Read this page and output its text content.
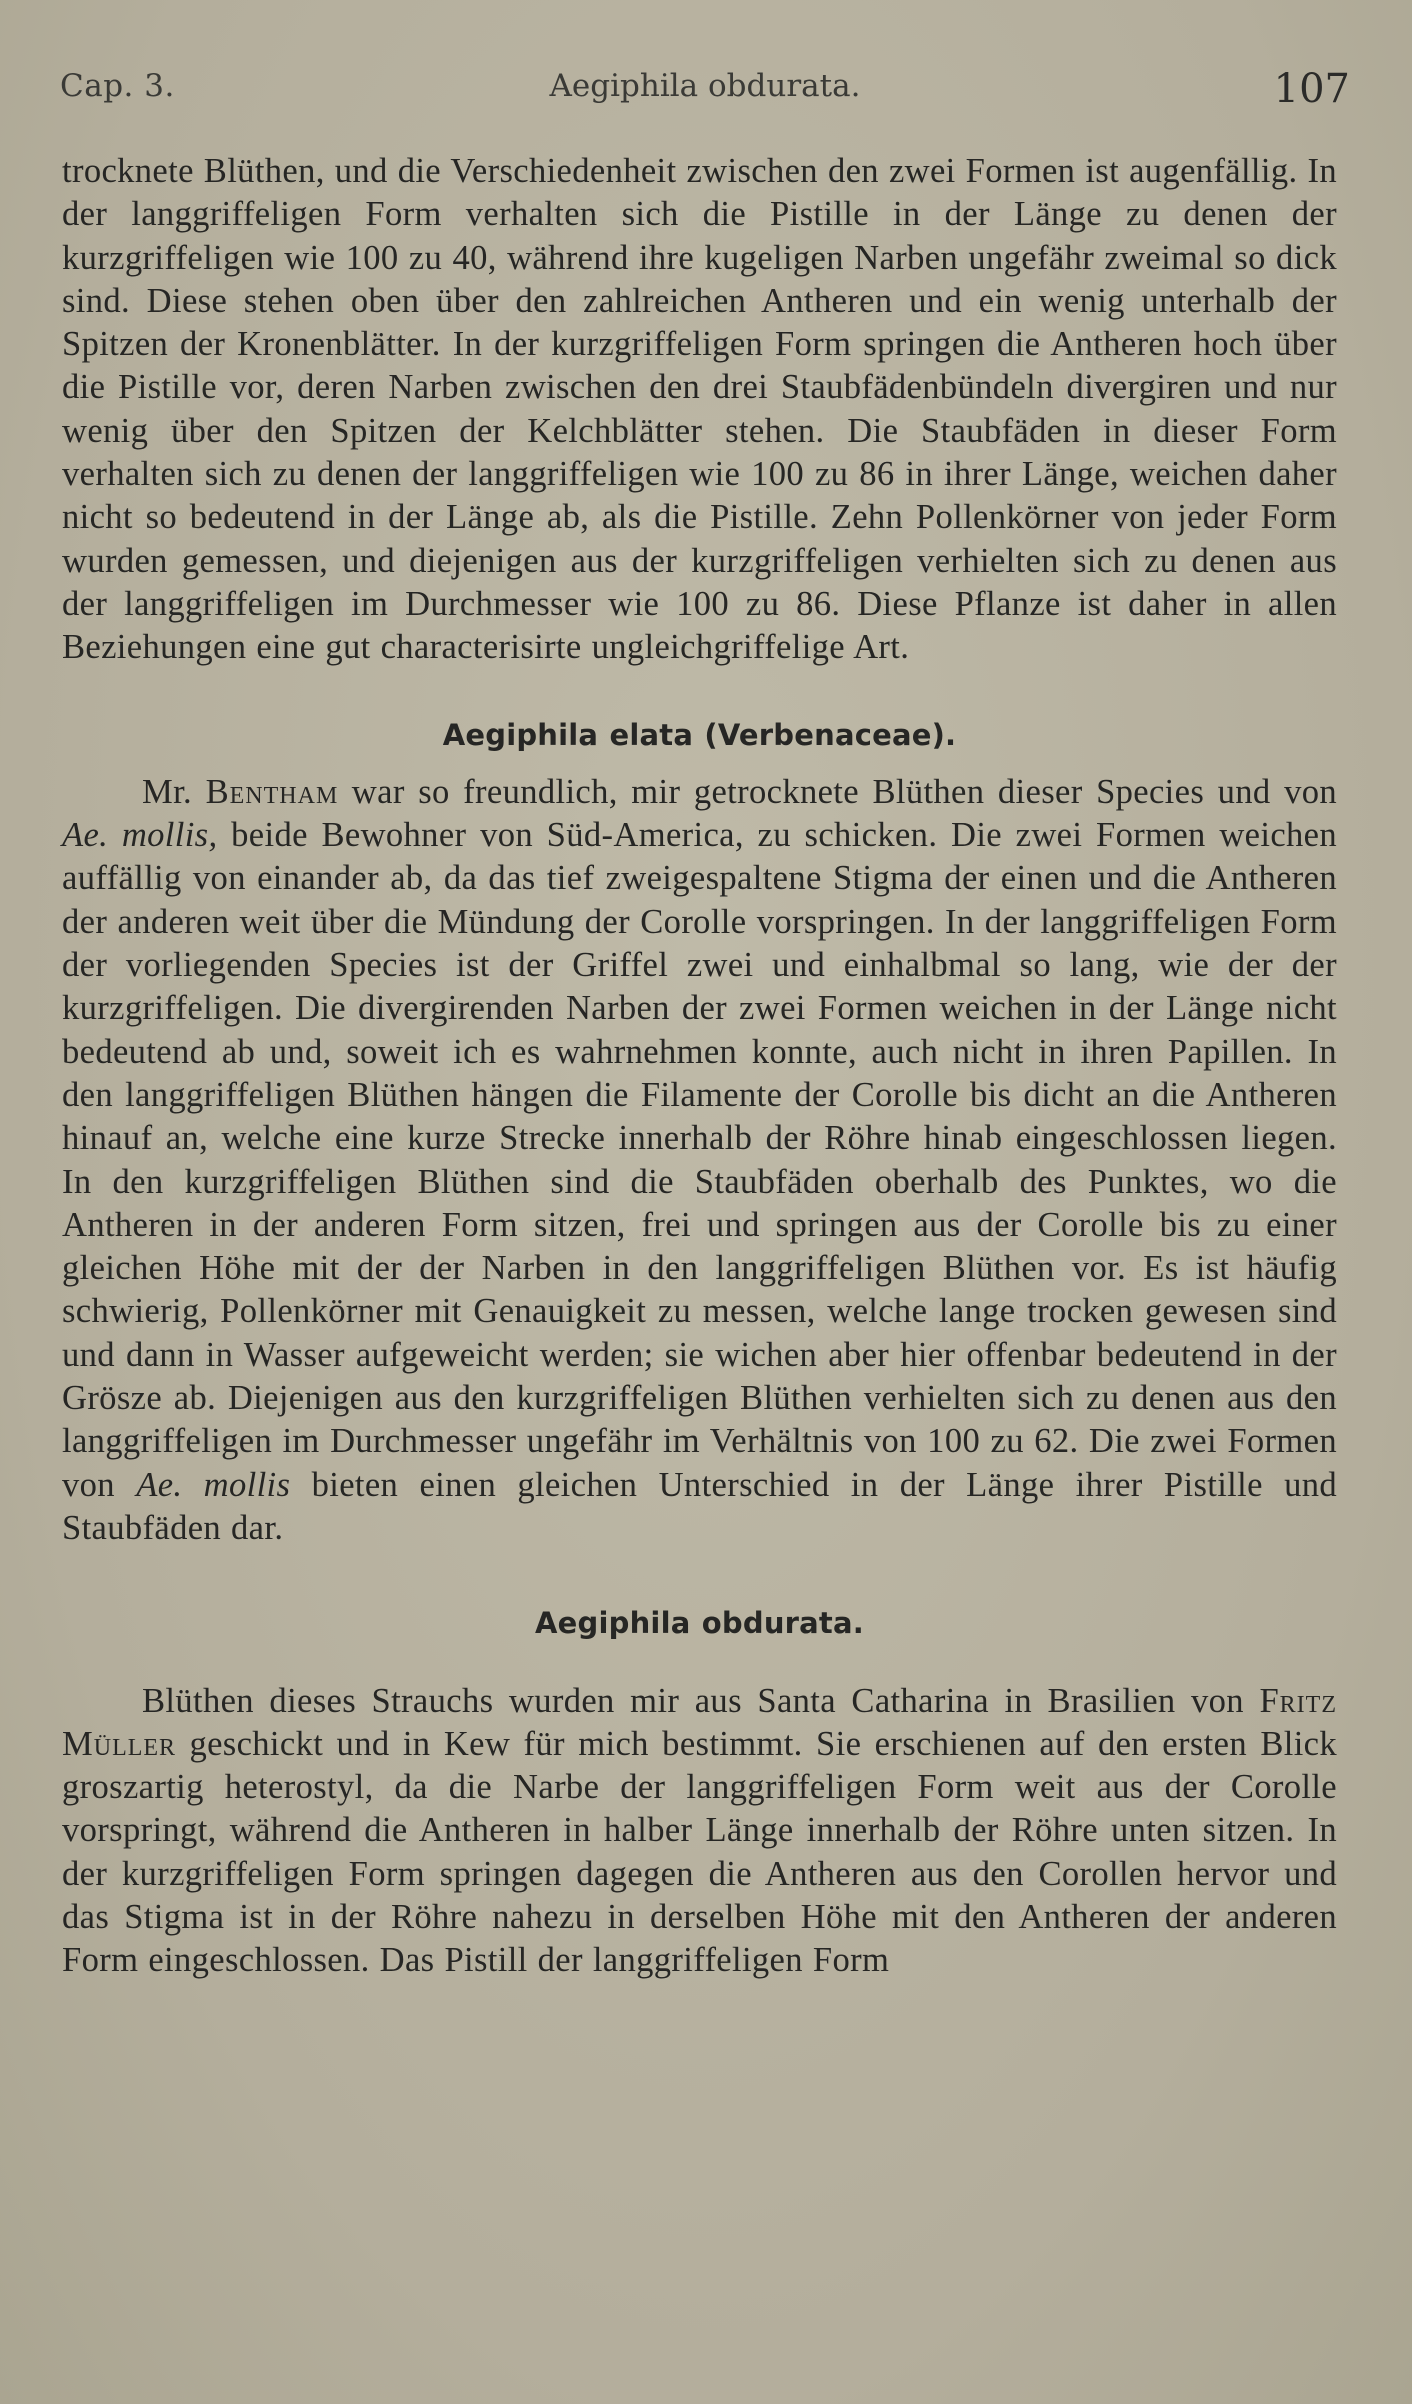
Cap. 3.	Aegiphila obdurata.	107

trocknete Blüthen, und die Verschiedenheit zwischen den zwei Formen ist augenfällig. In der langgriffeligen Form verhalten sich die Pistille in der Länge zu denen der kurzgriffeligen wie 100 zu 40, während ihre kugeligen Narben ungefähr zweimal so dick sind. Diese stehen oben über den zahlreichen Antheren und ein wenig unterhalb der Spitzen der Kronenblätter. In der kurzgriffeligen Form springen die Antheren hoch über die Pistille vor, deren Narben zwischen den drei Staubfädenbündeln divergiren und nur wenig über den Spitzen der Kelchblätter stehen. Die Staubfäden in dieser Form verhalten sich zu denen der langgriffeligen wie 100 zu 86 in ihrer Länge, weichen daher nicht so bedeutend in der Länge ab, als die Pistille. Zehn Pollenkörner von jeder Form wurden gemessen, und diejenigen aus der kurzgriffeligen verhielten sich zu denen aus der langgriffeligen im Durchmesser wie 100 zu 86. Diese Pflanze ist daher in allen Beziehungen eine gut characterisirte ungleichgriffelige Art.

Aegiphila elata (Verbenaceae).

Mr. Bentham war so freundlich, mir getrocknete Blüthen dieser Species und von Ae. mollis, beide Bewohner von Süd-America, zu schicken. Die zwei Formen weichen auffällig von einander ab, da das tief zweigespaltene Stigma der einen und die Antheren der anderen weit über die Mündung der Corolle vorspringen. In der langgriffeligen Form der vorliegenden Species ist der Griffel zwei und einhalbmal so lang, wie der der kurzgriffeligen. Die divergirenden Narben der zwei Formen weichen in der Länge nicht bedeutend ab und, soweit ich es wahrnehmen konnte, auch nicht in ihren Papillen. In den langgriffeligen Blüthen hängen die Filamente der Corolle bis dicht an die Antheren hinauf an, welche eine kurze Strecke innerhalb der Röhre hinab eingeschlossen liegen. In den kurzgriffeligen Blüthen sind die Staubfäden oberhalb des Punktes, wo die Antheren in der anderen Form sitzen, frei und springen aus der Corolle bis zu einer gleichen Höhe mit der der Narben in den langgriffeligen Blüthen vor. Es ist häufig schwierig, Pollenkörner mit Genauigkeit zu messen, welche lange trocken gewesen sind und dann in Wasser aufgeweicht werden; sie wichen aber hier offenbar bedeutend in der Grösze ab. Diejenigen aus den kurzgriffeligen Blüthen verhielten sich zu denen aus den langgriffeligen im Durchmesser ungefähr im Verhältnis von 100 zu 62. Die zwei Formen von Ae. mollis bieten einen gleichen Unterschied in der Länge ihrer Pistille und Staubfäden dar.

Aegiphila obdurata.

Blüthen dieses Strauchs wurden mir aus Santa Catharina in Brasilien von Fritz Müller geschickt und in Kew für mich bestimmt. Sie erschienen auf den ersten Blick groszartig heterostyl, da die Narbe der langgriffeligen Form weit aus der Corolle vorspringt, während die Antheren in halber Länge innerhalb der Röhre unten sitzen. In der kurzgriffeligen Form springen dagegen die Antheren aus den Corollen hervor und das Stigma ist in der Röhre nahezu in derselben Höhe mit den Antheren der anderen Form eingeschlossen. Das Pistill der langgriffeligen Form
